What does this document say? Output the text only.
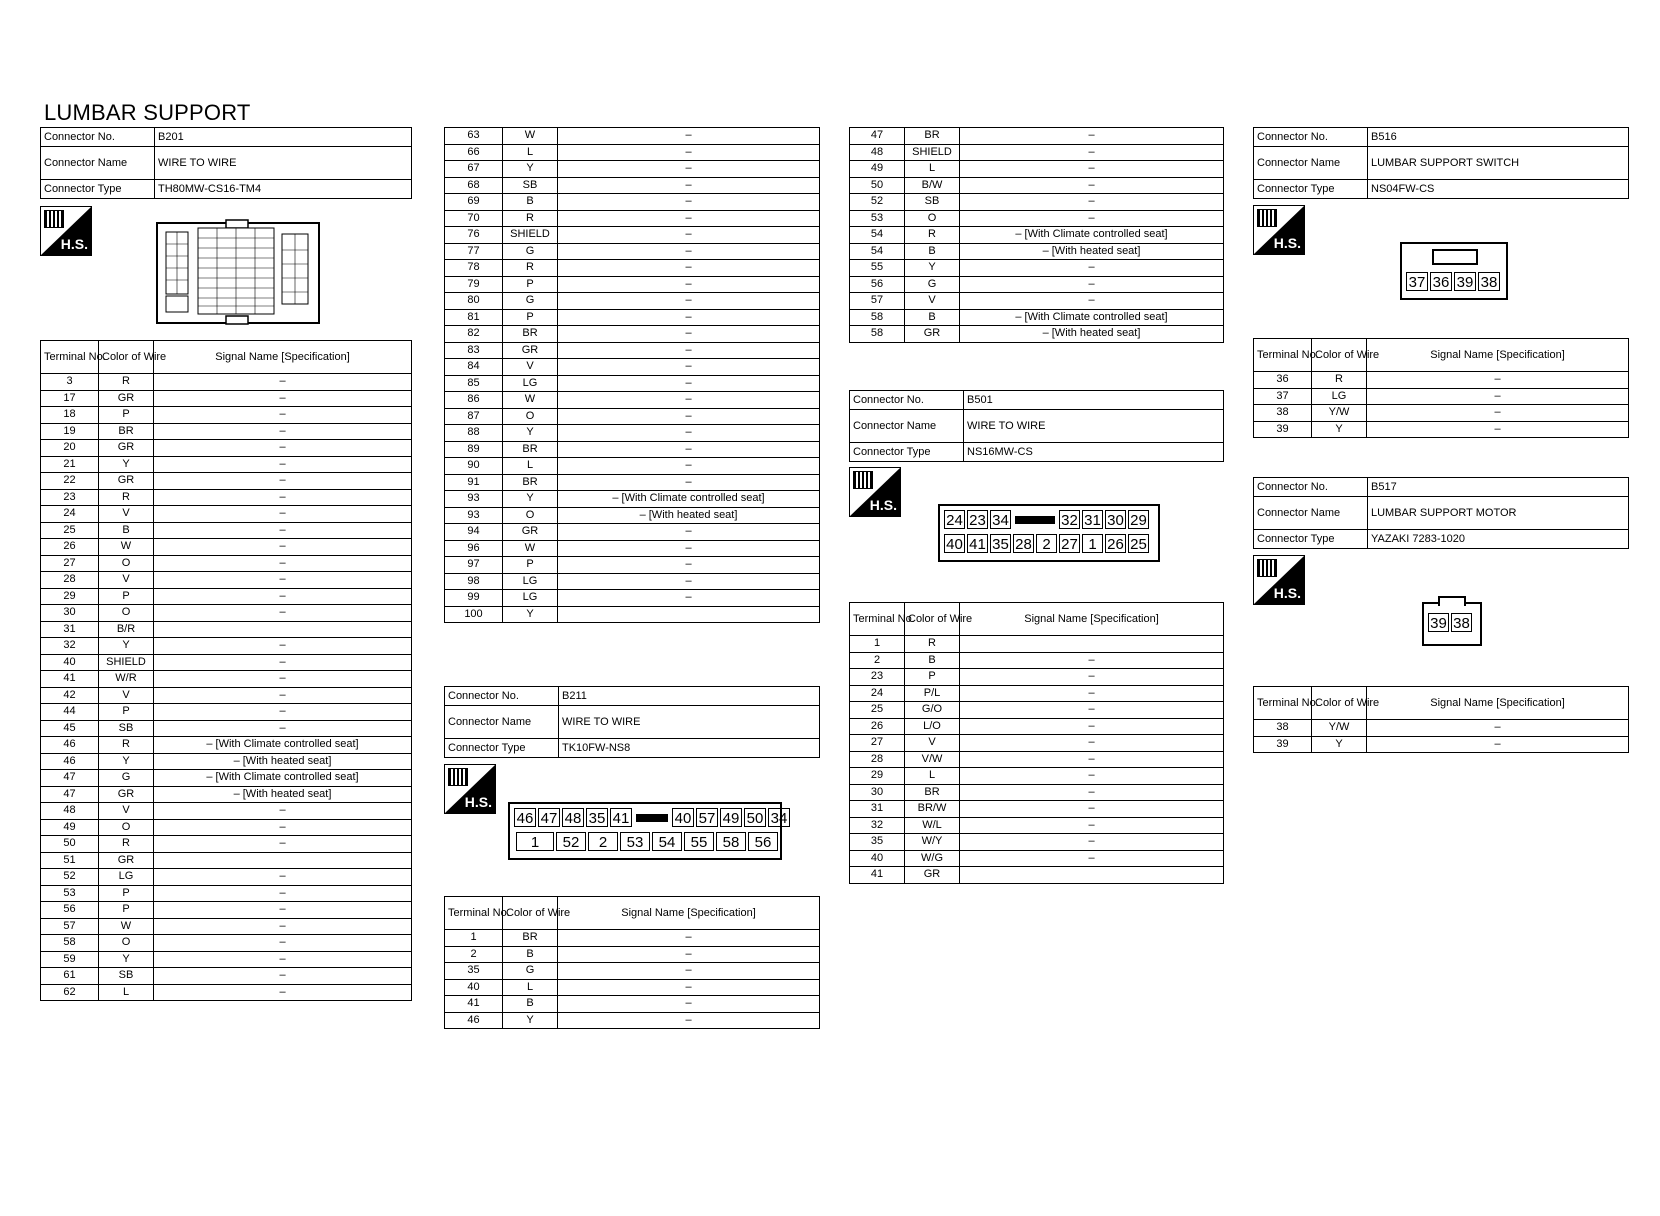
LUMBAR SUPPORT
Connector No.	B201
Connector Name	WIRE TO WIRE
Connector Type	TH80MW-CS16-TM4
H.S.
Terminal No.	Color of Wire	Signal Name [Specification]
3	R	–
17	GR	–
18	P	–
19	BR	–
20	GR	–
21	Y	–
22	GR	–
23	R	–
24	V	–
25	B	–
26	W	–
27	O	–
28	V	–
29	P	–
30	O	–
31	B/R	
32	Y	–
40	SHIELD	–
41	W/R	–
42	V	–
44	P	–
45	SB	–
46	R	– [With Climate controlled seat]
46	Y	– [With heated seat]
47	G	– [With Climate controlled seat]
47	GR	– [With heated seat]
48	V	–
49	O	–
50	R	–
51	GR	
52	LG	–
53	P	–
56	P	–
57	W	–
58	O	–
59	Y	–
61	SB	–
62	L	–
63	W	–
66	L	–
67	Y	–
68	SB	–
69	B	–
70	R	–
76	SHIELD	–
77	G	–
78	R	–
79	P	–
80	G	–
81	P	–
82	BR	–
83	GR	–
84	V	–
85	LG	–
86	W	–
87	O	–
88	Y	–
89	BR	–
90	L	–
91	BR	–
93	Y	– [With Climate controlled seat]
93	O	– [With heated seat]
94	GR	–
96	W	–
97	P	–
98	LG	–
99	LG	–
100	Y	
Connector No.	B211
Connector Name	WIRE TO WIRE
Connector Type	TK10FW-NS8
H.S.
46 47 48 35 41	40 57 49 50 34
1	52	2	53	54	55	58	56
Terminal No.	Color of Wire	Signal Name [Specification]
1	BR	–
2	B	–
35	G	–
40	L	–
41	B	–
46	Y	–
47	BR	–
48	SHIELD	–
49	L	–
50	B/W	–
52	SB	–
53	O	–
54	R	– [With Climate controlled seat]
54	B	– [With heated seat]
55	Y	–
56	G	–
57	V	–
58	B	– [With Climate controlled seat]
58	GR	– [With heated seat]
Connector No.	B501
Connector Name	WIRE TO WIRE
Connector Type	NS16MW-CS
H.S.
24 23 34	32 31 30 29
40 41 35 28 2 27 1 26 25
Terminal No.	Color of Wire	Signal Name [Specification]
1	R	
2	B	–
23	P	–
24	P/L	–
25	G/O	–
26	L/O	–
27	V	–
28	V/W	–
29	L	–
30	BR	–
31	BR/W	–
32	W/L	–
35	W/Y	–
40	W/G	–
41	GR	
Connector No.	B516
Connector Name	LUMBAR SUPPORT SWITCH
Connector Type	NS04FW-CS
H.S.
37 36 39 38
Terminal No.	Color of Wire	Signal Name [Specification]
36	R	–
37	LG	–
38	Y/W	–
39	Y	–
Connector No.	B517
Connector Name	LUMBAR SUPPORT MOTOR
Connector Type	YAZAKI 7283-1020
H.S.
39 38
Terminal No.	Color of Wire	Signal Name [Specification]
38	Y/W	–
39	Y	–
